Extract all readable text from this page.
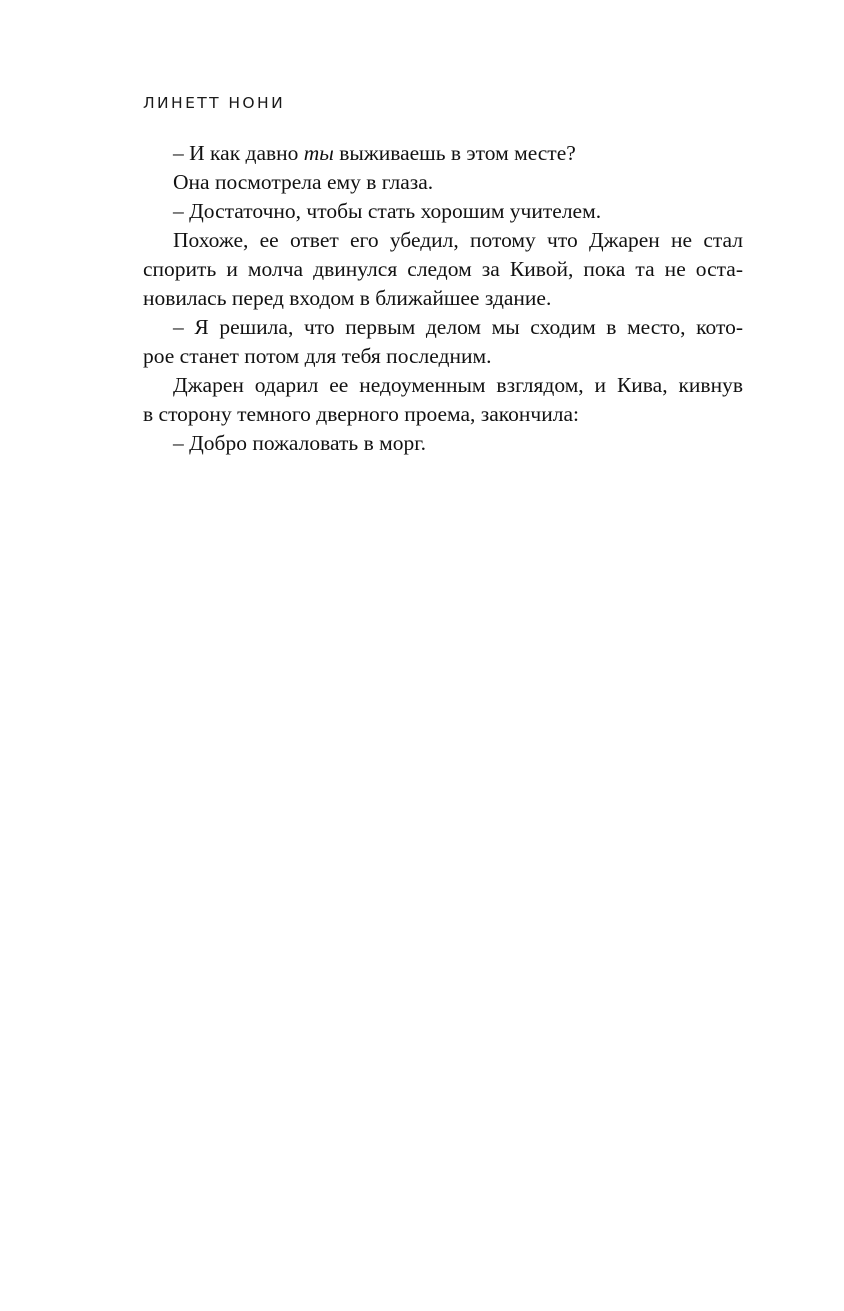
ЛИНЕТТ НОНИ
– И как давно ты выживаешь в этом месте?
Она посмотрела ему в глаза.
– Достаточно, чтобы стать хорошим учителем.
Похоже, ее ответ его убедил, потому что Джарен не стал
спорить и молча двинулся следом за Кивой, пока та не оста-
новилась перед входом в ближайшее здание.
– Я решила, что первым делом мы сходим в место, кото-
рое станет потом для тебя последним.
Джарен одарил ее недоуменным взглядом, и Кива, кивнув
в сторону темного дверного проема, закончила:
– Добро пожаловать в морг.
